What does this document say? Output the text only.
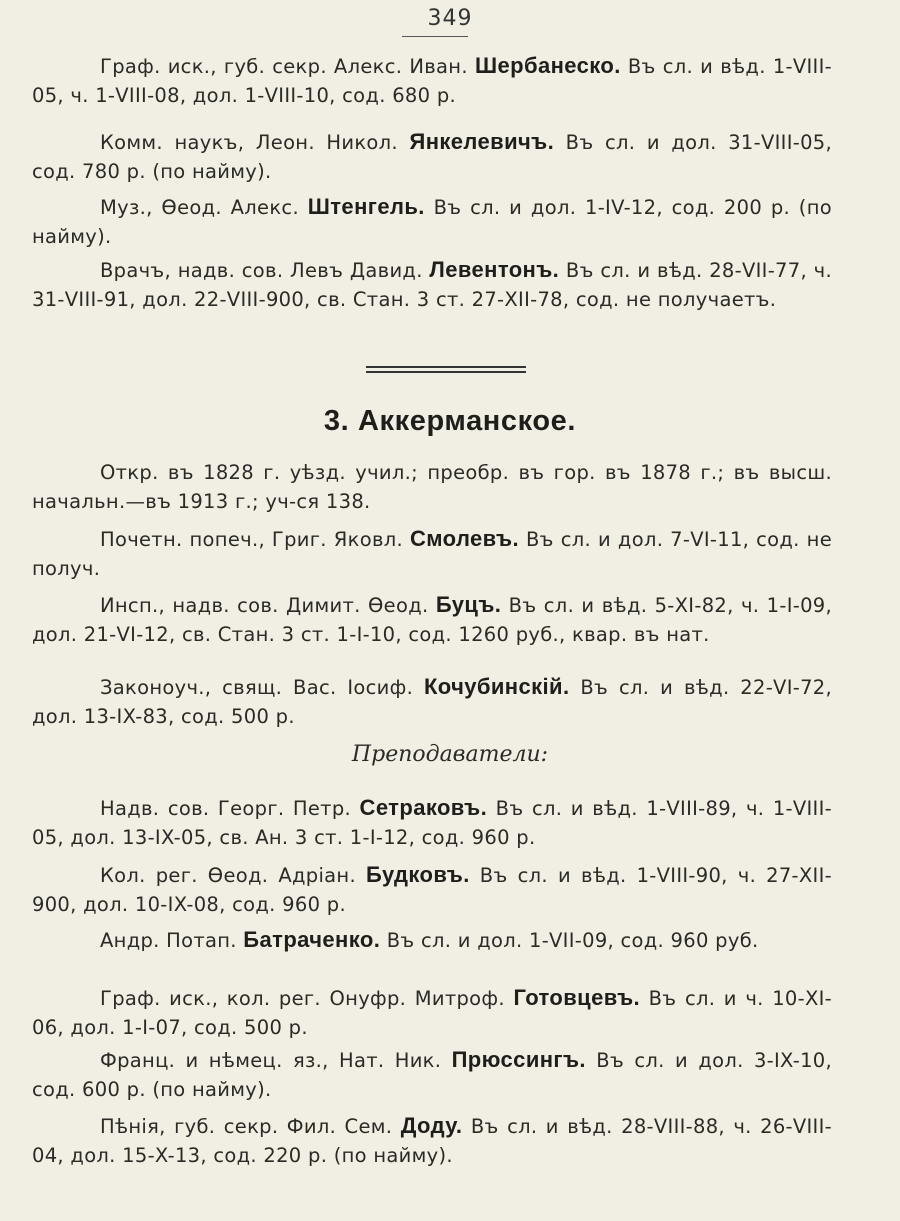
349

Граф. иск., губ. секр. Алекс. Иван. Шербанеско. Въ сл. и вѣд. 1-VIII-05, ч. 1-VIII-08, дол. 1-VIII-10, сод. 680 р.

Комм. наукъ, Леон. Никол. Янкелевичъ. Въ сл. и дол. 31-VIII-05, сод. 780 р. (по найму).

Муз., Ѳеод. Алекс. Штенгель. Въ сл. и дол. 1-IV-12, сод. 200 р. (по найму).

Врачъ, надв. сов. Левъ Давид. Левентонъ. Въ сл. и вѣд. 28-VII-77, ч. 31-VIII-91, дол. 22-VIII-900, св. Стан. 3 ст. 27-XII-78, сод. не получаетъ.

3. Аккерманское.

Откр. въ 1828 г. уѣзд. учил.; преобр. въ гор. въ 1878 г.; въ высш. начальн.—въ 1913 г.; уч-ся 138.

Почетн. попеч., Григ. Яковл. Смолевъ. Въ сл. и дол. 7-VI-11, сод. не получ.

Инсп., надв. сов. Димит. Ѳеод. Буцъ. Въ сл. и вѣд. 5-XI-82, ч. 1-I-09, дол. 21-VI-12, св. Стан. 3 ст. 1-I-10, сод. 1260 руб., квар. въ нат.

Законоуч., свящ. Вас. Іосиф. Кочубинскій. Въ сл. и вѣд. 22-VI-72, дол. 13-IX-83, сод. 500 р.

Преподаватели:

Надв. сов. Георг. Петр. Сетраковъ. Въ сл. и вѣд. 1-VIII-89, ч. 1-VIII-05, дол. 13-IX-05, св. Ан. 3 ст. 1-I-12, сод. 960 р.

Кол. рег. Ѳеод. Адріан. Будковъ. Въ сл. и вѣд. 1-VIII-90, ч. 27-XII-900, дол. 10-IX-08, сод. 960 р.

Андр. Потап. Батраченко. Въ сл. и дол. 1-VII-09, сод. 960 руб.

Граф. иск., кол. рег. Онуфр. Митроф. Готовцевъ. Въ сл. и ч. 10-XI-06, дол. 1-I-07, сод. 500 р.

Франц. и нѣмец. яз., Нат. Ник. Прюссингъ. Въ сл. и дол. 3-IX-10, сод. 600 р. (по найму).

Пѣнія, губ. секр. Фил. Сем. Доду. Въ сл. и вѣд. 28-VIII-88, ч. 26-VIII-04, дол. 15-X-13, сод. 220 р. (по найму).
